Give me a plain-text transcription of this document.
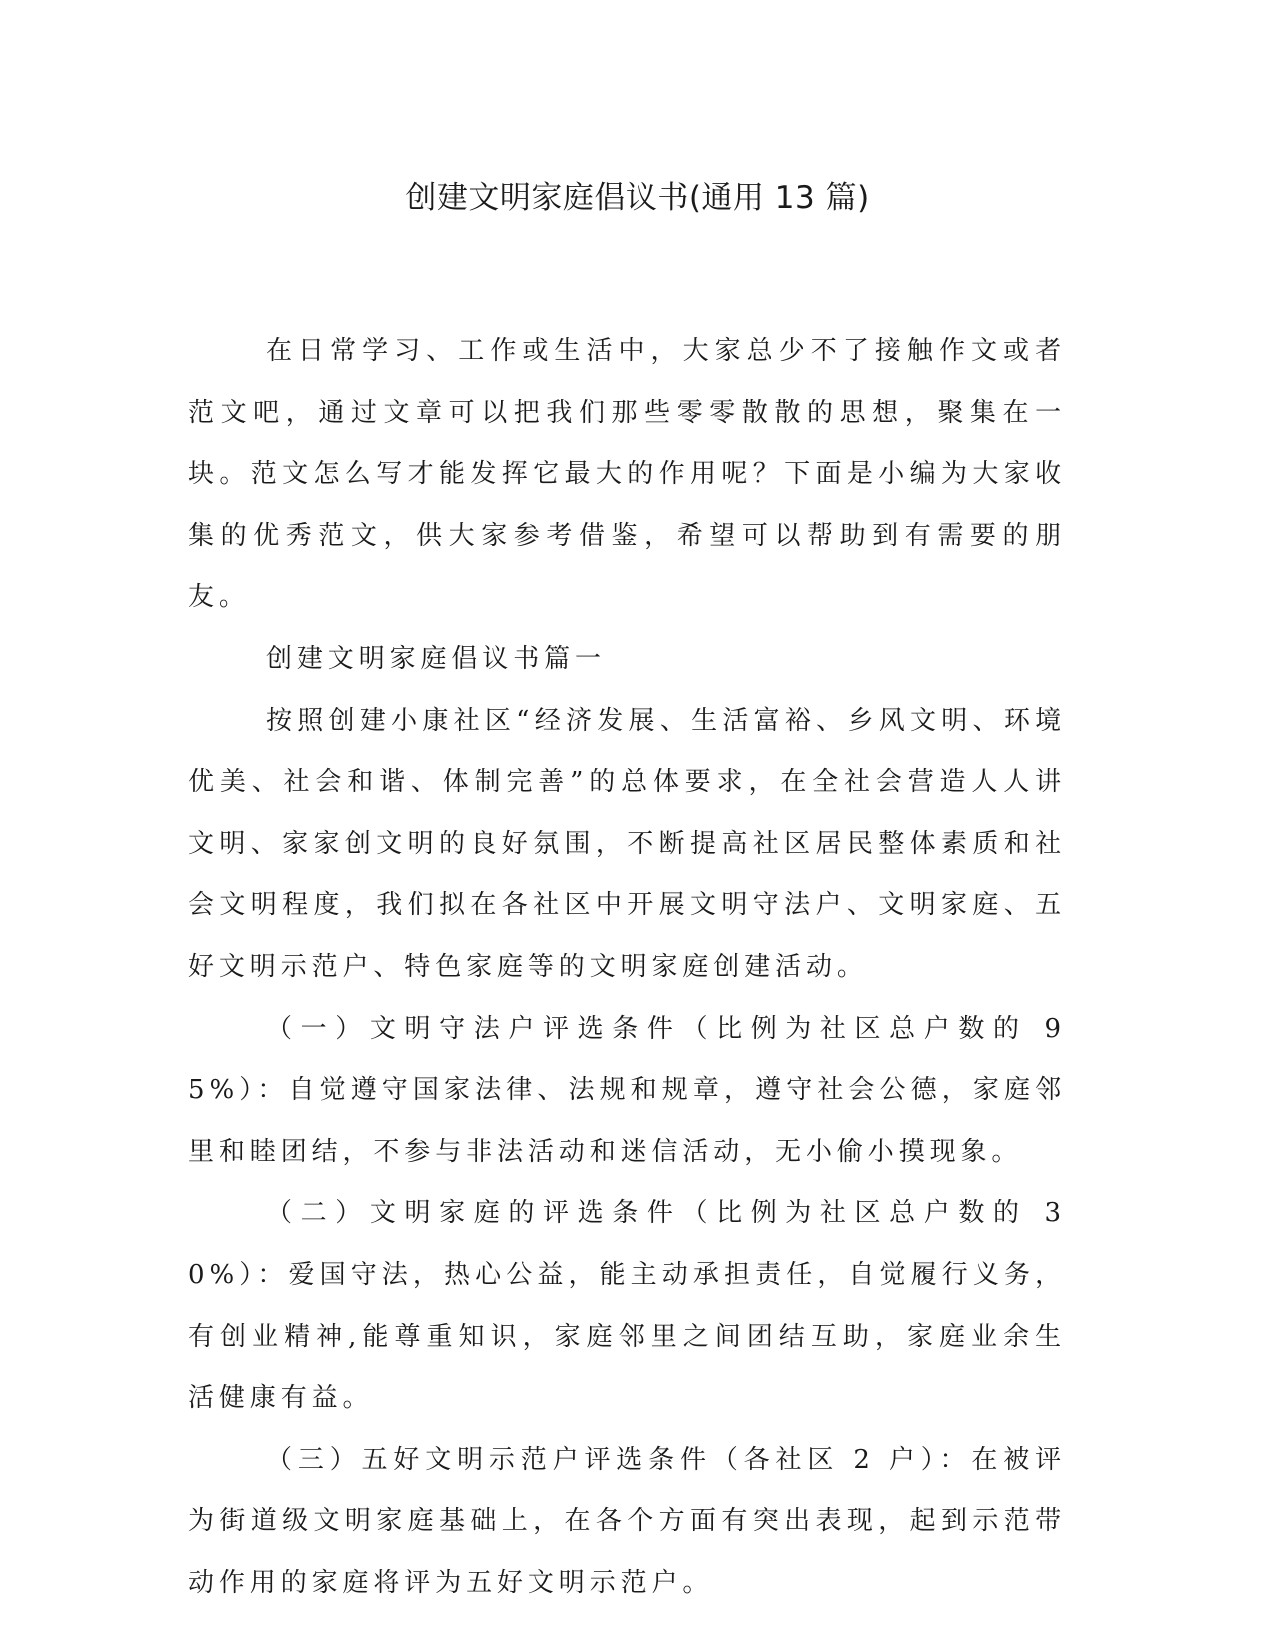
创建文明家庭倡议书(通用 13 篇)

在日常学习、工作或生活中，大家总少不了接触作文或者范文吧，通过文章可以把我们那些零零散散的思想，聚集在一块。范文怎么写才能发挥它最大的作用呢？下面是小编为大家收集的优秀范文，供大家参考借鉴，希望可以帮助到有需要的朋友。

创建文明家庭倡议书篇一

按照创建小康社区“经济发展、生活富裕、乡风文明、环境优美、社会和谐、体制完善”的总体要求，在全社会营造人人讲文明、家家创文明的良好氛围，不断提高社区居民整体素质和社会文明程度，我们拟在各社区中开展文明守法户、文明家庭、五好文明示范户、特色家庭等的文明家庭创建活动。

（一）文明守法户评选条件（比例为社区总户数的 95%）：自觉遵守国家法律、法规和规章，遵守社会公德，家庭邻里和睦团结，不参与非法活动和迷信活动，无小偷小摸现象。

（二）文明家庭的评选条件（比例为社区总户数的 30%）：爱国守法，热心公益，能主动承担责任，自觉履行义务，有创业精神,能尊重知识，家庭邻里之间团结互助，家庭业余生活健康有益。

（三）五好文明示范户评选条件（各社区 2 户）：在被评为街道级文明家庭基础上，在各个方面有突出表现，起到示范带动作用的家庭将评为五好文明示范户。
